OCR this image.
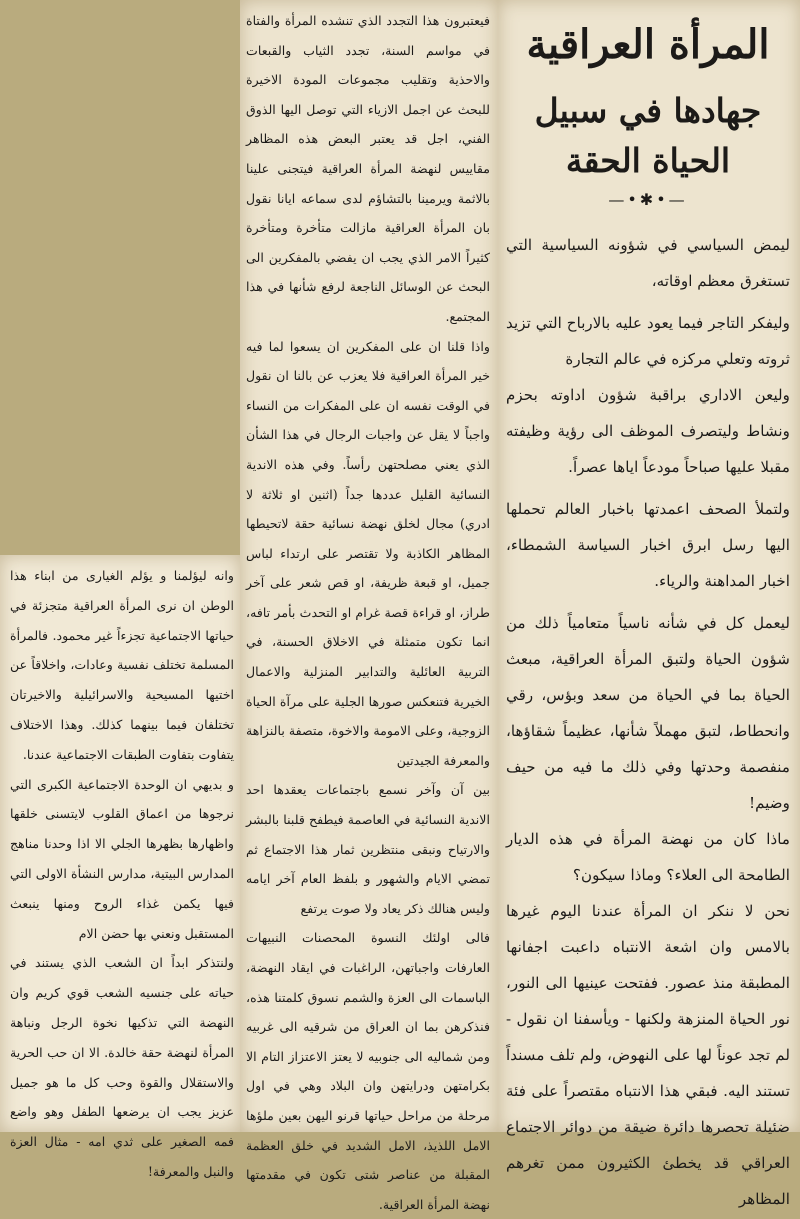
المرأة العراقية
جهادها في سبيل الحياة الحقة
—•✱•—

ليمض السياسي في شؤونه السياسية التي تستغرق معظم اوقاته،

وليفكر التاجر فيما يعود عليه بالارباح التي تزيد ثروته وتعلي مركزه في عالم التجارة

وليعن الاداري براقبة شؤون اداوته بحزم ونشاط وليتصرف الموظف الى رؤية وظيفته مقبلا عليها صباحاً مودعاً اياها عصراً.

ولتملأ الصحف اعمدتها باخبار العالم تحملها اليها رسل ابرق اخبار السياسة الشمطاء، اخبار المداهنة والرياء.

ليعمل كل في شأنه ناسياً متعامياً ذلك من شؤون الحياة ولتبق المرأة العراقية، مبعث الحياة بما في الحياة من سعد وبؤس، رقي وانحطاط، لتبق مهملاً شأنها، عظيماً شقاؤها، منفصمة وحدتها وفي ذلك ما فيه من حيف وضيم!

ماذا كان من نهضة المرأة في هذه الديار الطامحة الى العلاء؟ وماذا سيكون؟

نحن لا ننكر ان المرأة عندنا اليوم غيرها بالامس وان اشعة الانتباه داعبت اجفانها المطبقة منذ عصور. ففتحت عينيها الى النور، نور الحياة المنزهة ولكنها - ويأسفنا ان نقول - لم تجد عوناً لها على النهوض، ولم تلف مسنداً تستند اليه. فبقي هذا الانتباه مقتصراً على فئة ضئيلة تحصرها دائرة ضيقة من دوائر الاجتماع العراقي قد يخطئ الكثيرون ممن تغرهم المظاهر

فيعتبرون هذا التجدد الذي تنشده المرأة والفتاة في مواسم السنة، تجدد الثياب والقبعات والاحذية وتقليب مجموعات المودة الاخيرة للبحث عن اجمل الازياء التي توصل اليها الذوق الفني، اجل قد يعتبر البعض هذه المظاهر مقاييس لنهضة المرأة العراقية فيتجنى علينا بالاثمة ويرمينا بالتشاؤم لدى سماعه ايانا نقول بان المرأة العراقية مازالت متأخرة ومتأخرة كثيراً الامر الذي يجب ان يفضي بالمفكرين الى البحث عن الوسائل الناجعة لرفع شأنها في هذا المجتمع.

واذا قلنا ان على المفكرين ان يسعوا لما فيه خير المرأة العراقية فلا يعزب عن بالنا ان نقول في الوقت نفسه ان على المفكرات من النساء واجباً لا يقل عن واجبات الرجال في هذا الشأن الذي يعني مصلحتهن رأساً. وفي هذه الاندية النسائية القليل عددها جداً (اثنين او ثلاثة لا ادري) مجال لخلق نهضة نسائية حقة لاتحيطها المظاهر الكاذبة ولا تقتصر على ارتداء لباس جميل، او قبعة ظريفة، او قص شعر على آخر طراز، او قراءة قصة غرام او التحدث بأمر تافه، انما تكون متمثلة في الاخلاق الحسنة، في التربية العائلية والتدابير المنزلية والاعمال الخيرية فتنعكس صورها الجلية على مرآة الحياة الزوجية، وعلى الامومة والاخوة، متصفة بالنزاهة والمعرفة الجيدتين

بين آن وآخر نسمع باجتماعات يعقدها احد الاندية النسائية في العاصمة فيطفح قلبنا بالبشر والارتياح ونبقى منتظرين ثمار هذا الاجتماع ثم تمضي الايام والشهور و بلفظ العام آخر ايامه وليس هنالك ذكر يعاد ولا صوت يرتفع

فالى اولئك النسوة المحصنات النبيهات العارفات واجباتهن، الراغبات في ايقاد النهضة، الباسمات الى العزة والشمم نسوق كلمتنا هذه، فنذكرهن بما ان العراق من شرقيه الى غربيه ومن شماليه الى جنوبيه لا يعتز الاعتزاز التام الا بكرامتهن ودرايتهن وان البلاد وهي في اول مرحلة من مراحل حياتها قرنو اليهن بعين ملؤها الامل اللذيذ، الامل الشديد في خلق العظمة المقبلة من عناصر شتى تكون في مقدمتها نهضة المرأة العراقية.

وانه ليؤلمنا و يؤلم الغيارى من ابناء هذا الوطن ان نرى المرأة العراقية متجزئة في حياتها الاجتماعية تجزءاً غير محمود. فالمرأة المسلمة تختلف نفسية وعادات، واخلاقاً عن اختيها المسيحية والاسرائيلية والاخيرتان تختلفان فيما بينهما كذلك. وهذا الاختلاف يتفاوت بتفاوت الطبقات الاجتماعية عندنا.

و بديهي ان الوحدة الاجتماعية الكبرى التي نرجوها من اعماق القلوب لايتسنى خلقها واظهارها بظهرها الجلي الا اذا وحدنا مناهج المدارس البيتية، مدارس النشأة الاولى التي فيها يكمن غذاء الروح ومنها ينبعث المستقبل ونعني بها حضن الام

ولنتذكر ابداً ان الشعب الذي يستند في حياته على جنسيه الشعب قوي كريم وان النهضة التي تذكيها نخوة الرجل ونباهة المرأة لنهضة حقة خالدة. الا ان حب الحرية والاستقلال والقوة وحب كل ما هو جميل عزيز يجب ان يرضعها الطفل وهو واضع فمه الصغير على ثدي امه - مثال العزة والنبل والمعرفة!
